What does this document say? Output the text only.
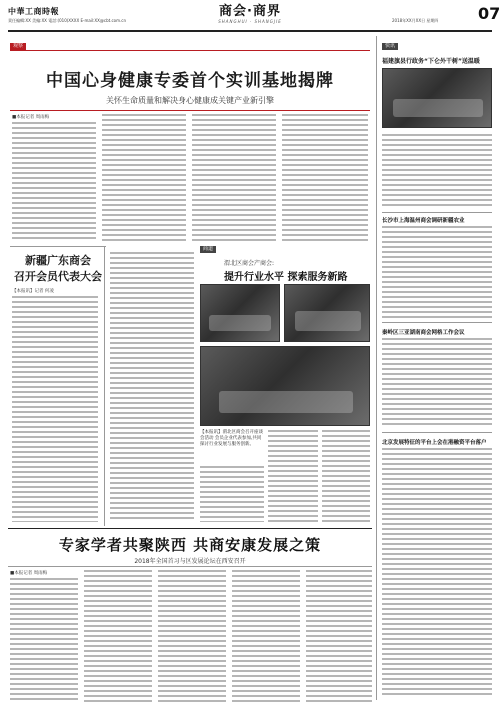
中華工商時報
責任編輯:XX 美編:XX 電話:(010)XXXX E-mail:XX@cbt.com.cn
商会·商界
SHANGHUI · SHANGJIE	2018年XX月XX日 星期四 07
观察
中国心身健康专委首个实训基地揭牌
关怀生命质量和解决身心健康成关键产业新引擎
■本报记者 周雨梅
新疆广东商会
召开会员代表大会
【本报讯】记者 何凌
商道
渭北区商会产商会:
提升行业水平 探索服务新路
【本报讯】渭北区商会召开座谈会活动 会员企业代表参加,共同探讨行业发展与服务创新。
快讯
福建旗县行政务“下仑外干树”送温暖
长沙市上海温州商会调研新疆农业
秦岭区三亚湖南商会网格工作会议
北京发展特征的平台上会在港融资平台落户
专家学者共聚陕西 共商安康发展之策
2018年全国首习与区发展论坛在西安召开
■本报记者 周雨梅
